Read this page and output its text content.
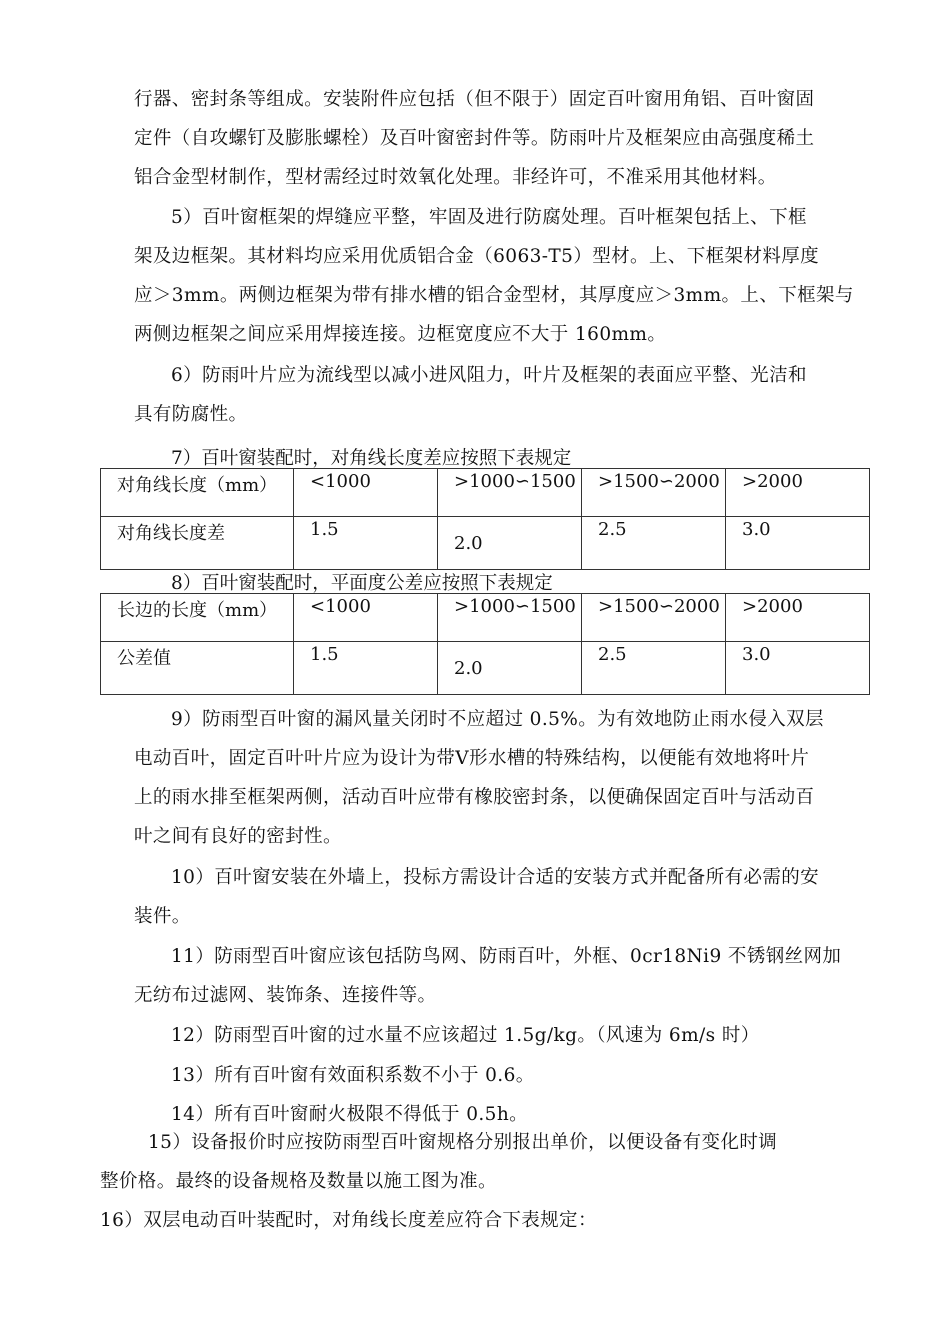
行器、密封条等组成。安装附件应包括（但不限于）固定百叶窗用角铝、百叶窗固
定件（自攻螺钉及膨胀螺栓）及百叶窗密封件等。防雨叶片及框架应由高强度稀土
铝合金型材制作，型材需经过时效氧化处理。非经许可，不准采用其他材料。
5）百叶窗框架的焊缝应平整，牢固及进行防腐处理。百叶框架包括上、下框
架及边框架。其材料均应采用优质铝合金（6063-T5）型材。上、下框架材料厚度
应＞3mm。两侧边框架为带有排水槽的铝合金型材，其厚度应＞3mm。上、下框架与
两侧边框架之间应采用焊接连接。边框宽度应不大于 160mm。
6）防雨叶片应为流线型以减小进风阻力，叶片及框架的表面应平整、光洁和
具有防腐性。
7）百叶窗装配时，对角线长度差应按照下表规定
对角线长度（mm）	<1000	>1000∽1500	>1500∽2000	>2000

对角线长度差	1.5	2.0	2.5	3.0
8）百叶窗装配时，平面度公差应按照下表规定
长边的长度（mm）	<1000	>1000∽1500	>1500∽2000	>2000

公差值	1.5	2.0	2.5	3.0
9）防雨型百叶窗的漏风量关闭时不应超过 0.5%。为有效地防止雨水侵入双层
电动百叶，固定百叶叶片应为设计为带Ⅴ形水槽的特殊结构，以便能有效地将叶片
上的雨水排至框架两侧，活动百叶应带有橡胶密封条，以便确保固定百叶与活动百
叶之间有良好的密封性。
10）百叶窗安装在外墙上，投标方需设计合适的安装方式并配备所有必需的安
装件。
11）防雨型百叶窗应该包括防鸟网、防雨百叶，外框、0cr18Ni9 不锈钢丝网加
无纺布过滤网、装饰条、连接件等。
12）防雨型百叶窗的过水量不应该超过 1.5g/kg。（风速为 6m/s 时）
13）所有百叶窗有效面积系数不小于 0.6。
14）所有百叶窗耐火极限不得低于 0.5h。
15）设备报价时应按防雨型百叶窗规格分别报出单价，以便设备有变化时调
整价格。最终的设备规格及数量以施工图为准。
16）双层电动百叶装配时，对角线长度差应符合下表规定：
